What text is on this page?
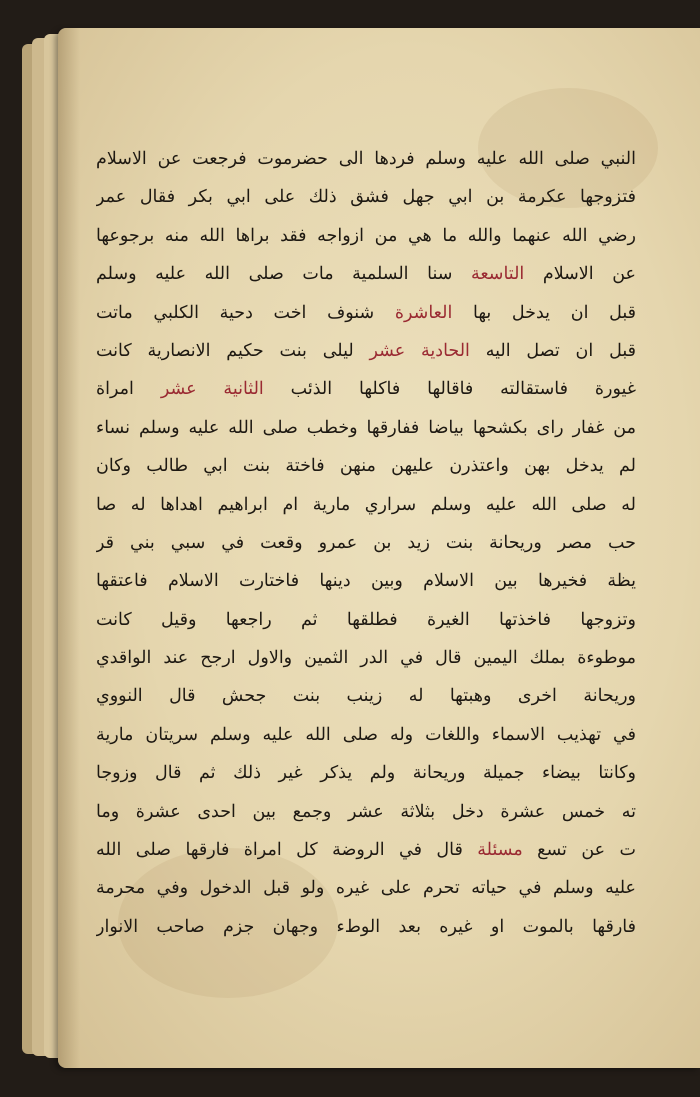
النبي صلى الله عليه وسلم فردها الى حضرموت فرجعت عن الاسلام
فتزوجها عكرمة بن ابي جهل فشق ذلك على ابي بكر فقال عمر
رضي الله عنهما والله ما هي من ازواجه فقد براها الله منه برجوعها
عن الاسلام التاسعة سنا السلمية مات صلى الله عليه وسلم
قبل ان يدخل بها العاشرة شنوف اخت دحية الكلبي ماتت
قبل ان تصل اليه الحادية عشر ليلى بنت حكيم الانصارية كانت
غيورة فاستقالته فاقالها فاكلها الذئب الثانية عشر امراة
من غفار راى بكشحها بياضا ففارقها وخطب صلى الله عليه وسلم نساء
لم يدخل بهن واعتذرن عليهن منهن فاختة بنت ابي طالب وكان
له صلى الله عليه وسلم سراري مارية ام ابراهيم اهداها له صا
حب مصر وريحانة بنت زيد بن عمرو وقعت في سبي بني قر
يظة فخيرها بين الاسلام وبين دينها فاختارت الاسلام فاعتقها
وتزوجها فاخذتها الغيرة فطلقها ثم راجعها وقيل كانت
موطوءة بملك اليمين قال في الدر الثمين والاول ارجح عند الواقدي
وريحانة اخرى وهبتها له زينب بنت جحش قال النووي
في تهذيب الاسماء واللغات وله صلى الله عليه وسلم سريتان مارية
وكانتا بيضاء جميلة وريحانة ولم يذكر غير ذلك ثم قال وزوجا
ته خمس عشرة دخل بثلاثة عشر وجمع بين احدى عشرة وما
ت عن تسع مسئلة قال في الروضة كل امراة فارقها صلى الله
عليه وسلم في حياته تحرم على غيره ولو قبل الدخول وفي محرمة
فارقها بالموت او غيره بعد الوطء وجهان جزم صاحب الانوار
